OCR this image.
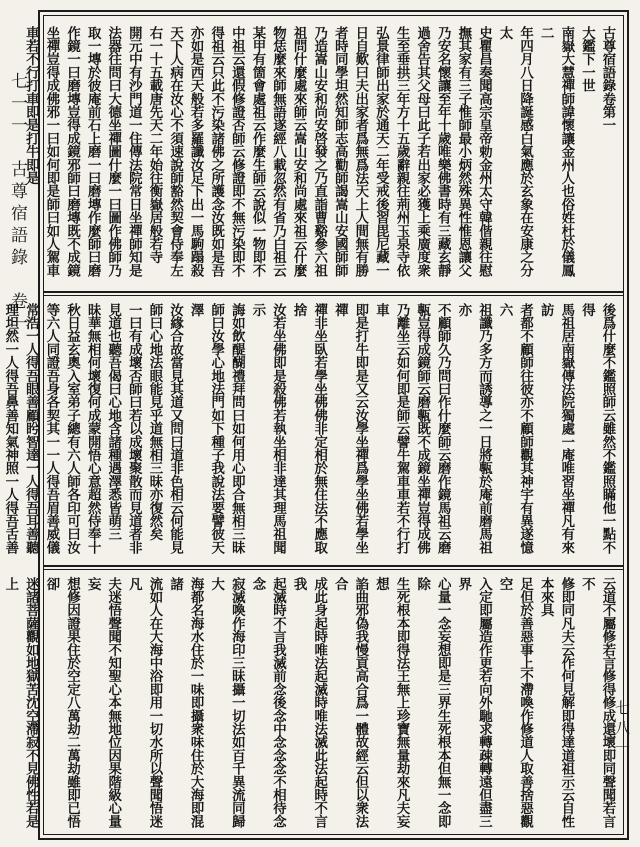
七一一　古尊宿語錄　卷一
七八一
古尊宿語錄卷第一
大鑑下一世
南嶽大慧禪師諱懷讓金州人也俗姓杜於儀鳳二
年四月八日降誕感白氣應於玄象在安康之分太
史瞿昌奏聞高宗皇帝勅金州太守韓偕親往慰
撫其家有三子惟師最小炳然殊異性惟恩讓父
乃安名懷讓至年十歲唯樂佛書時有三藏玄靜
過舍告其父母曰此子若出家必獲上乘廣度衆
生至垂拱三年方十五歲辭親往荊州玉泉寺依
弘景律師出家於通天二年受戒後習毘尼藏一
日自歎曰夫出家者爲無爲法天上人間無有勝
者時同學坦然知師志高勸師謁嵩山安國師師
乃造嵩山安和尚安啓發之乃直詣曹谿參六祖
祖問什麼處來師云嵩山安和尚處來祖云什麼
物恁麼來師無語遂經八載忽然有省乃白祖云
某甲有箇會處祖云作麼生師云說似一物即不
中祖云還假修證否師云修證即不無污染即不
得祖云只此不污染諸佛之所護念汝既如是吾
亦如是西天般若多羅讖汝足下出一馬駒蹋殺
天下人病在汝心不須速說師豁然契會侍奉左
右一十五載唐先天二年始往衡嶽居般若寺
開元中有沙門道一住傳法院常日坐禪師知是
法器往問曰大德坐禪圖什麼一曰圖作佛師乃
取一塼於彼庵前石上磨一曰磨塼作麼師曰磨
作鏡一曰磨塼豈得成鏡邪師曰磨塼既不成鏡
坐禪豈得成佛邪一曰如何即是師曰如人駕車
車若不行打車即是打牛即是
後爲什麼不鑑照師云雖然不鑑照瞞他一點不得
馬祖居南嶽傳法院獨處一庵唯習坐禪凡有來訪
者都不顧師往彼亦不顧師觀其神宇有異遂憶六
祖讖乃多方而誘導之一日將甎於庵前磨馬祖亦
不顧師久乃問曰作什麼師云磨作鏡馬祖云磨
甎豈得成鏡師云磨甎既不成鏡坐禪豈得成佛
乃離坐云如何即是師云譬牛駕車車若不行打車
即是打牛即是又云汝學坐禪爲學坐佛若學坐禪
禪非坐臥若學坐佛佛非定相於無住法不應取捨
汝若坐佛即是殺佛若執坐相非達其理馬祖聞示
誨如飲醍醐禮拜問曰如何用心即合無相三昧
師曰汝學心地法門如下種子我說法要譬彼天澤
汝緣合故當見其道又問曰道非色相云何能見
師曰心地法眼能見乎道無相三昧亦復然矣
一曰有成壞否師曰若以成壞聚散而見道者非
見道也聽吾偈曰心地含諸種遇澤悉皆萌三
昧華無相何壞復何成蒙開悟心意超然侍奉十
秋日益玄奧入室弟子總有六人師各印可曰汝
等六人同證吾身各契其一一人得吾眉善威儀
常浩一人得吾眼善顧盻智達一人得吾耳善聽
理坦然一人得吾鼻善知氣神照一人得吾舌善

云道不屬修若言修得修成還壞即同聲聞若言不
修即同凡夫云作何見解即得達道祖示云自性本來具
足但於善惡事上不滯喚作修道人取善捨惡觀空
入定即屬造作更若向外馳求轉疎轉遠但盡三界
心量一念妄想即是三界生死根本但無一念即除
生死根本即得法王無上珍寶無量劫來凡夫妄想
諂曲邪偽我慢貢高合爲一體故經云但以衆法合
成此身起時唯法起滅時唯法滅此法起時不言我
起滅時不言我滅前念後念中念念念不相待念念
寂滅喚作海印三昧攝一切法如百千異流同歸大
海都名海水住於一味即攝衆味住於大海即混諸
流如人在大海中浴即用一切水所以聲聞悟迷凡
夫迷悟聲聞不知聖心本無地位因果階級心量妄
想修因證果住於空定八萬劫二萬劫雖即已悟卻
迷諸菩薩觀如地獄苦沈空滯寂不見佛性若是上
